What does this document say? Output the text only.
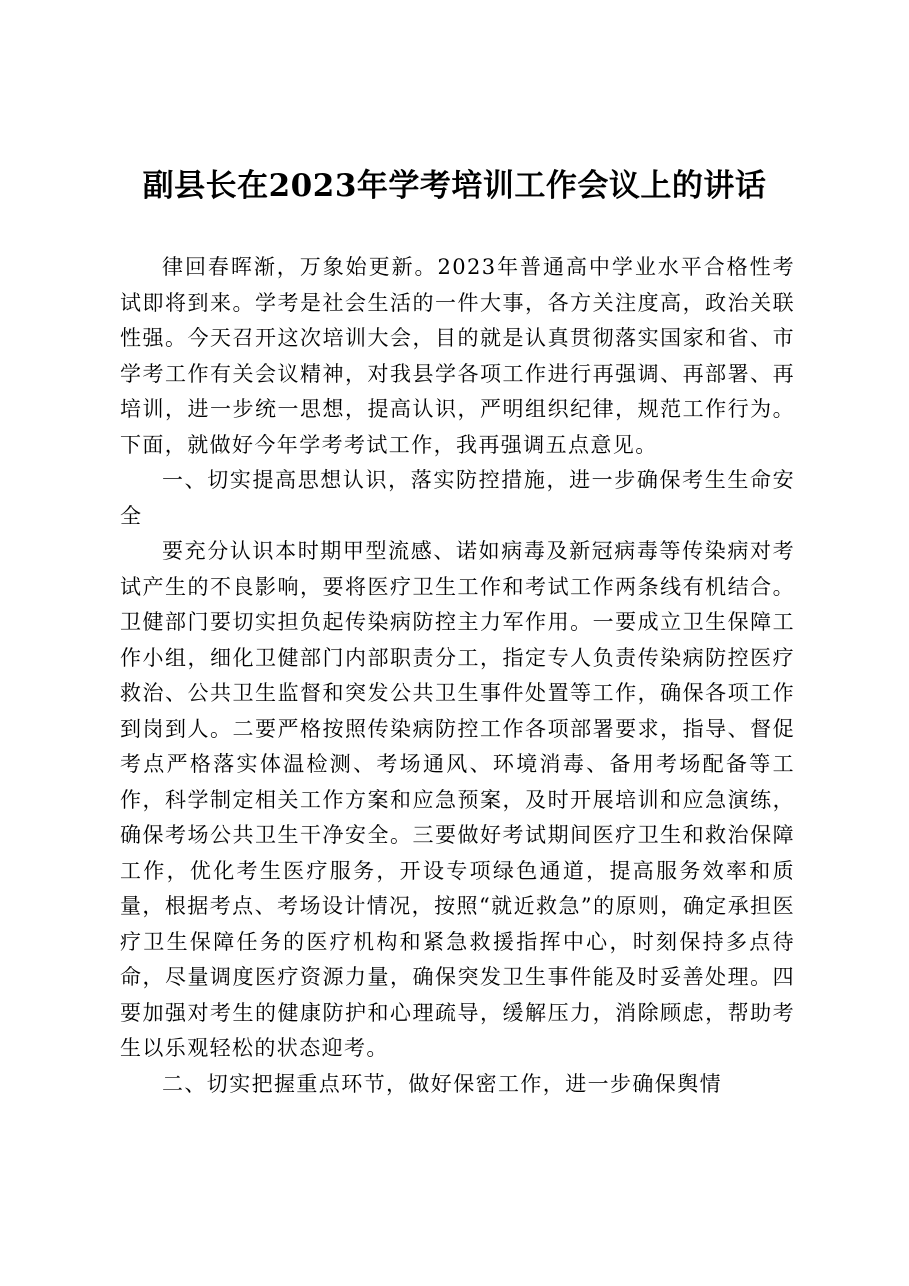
副县长在2023年学考培训工作会议上的讲话

律回春晖渐，万象始更新。2023年普通高中学业水平合格性考试即将到来。学考是社会生活的一件大事，各方关注度高，政治关联性强。今天召开这次培训大会，目的就是认真贯彻落实国家和省、市学考工作有关会议精神，对我县学各项工作进行再强调、再部署、再培训，进一步统一思想，提高认识，严明组织纪律，规范工作行为。下面，就做好今年学考考试工作，我再强调五点意见。

一、切实提高思想认识，落实防控措施，进一步确保考生生命安全

要充分认识本时期甲型流感、诺如病毒及新冠病毒等传染病对考试产生的不良影响，要将医疗卫生工作和考试工作两条线有机结合。卫健部门要切实担负起传染病防控主力军作用。一要成立卫生保障工作小组，细化卫健部门内部职责分工，指定专人负责传染病防控医疗救治、公共卫生监督和突发公共卫生事件处置等工作，确保各项工作到岗到人。二要严格按照传染病防控工作各项部署要求，指导、督促考点严格落实体温检测、考场通风、环境消毒、备用考场配备等工作，科学制定相关工作方案和应急预案，及时开展培训和应急演练，确保考场公共卫生干净安全。三要做好考试期间医疗卫生和救治保障工作，优化考生医疗服务，开设专项绿色通道，提高服务效率和质量，根据考点、考场设计情况，按照“就近救急”的原则，确定承担医疗卫生保障任务的医疗机构和紧急救援指挥中心，时刻保持多点待命，尽量调度医疗资源力量，确保突发卫生事件能及时妥善处理。四要加强对考生的健康防护和心理疏导，缓解压力，消除顾虑，帮助考生以乐观轻松的状态迎考。

二、切实把握重点环节，做好保密工作，进一步确保舆情
